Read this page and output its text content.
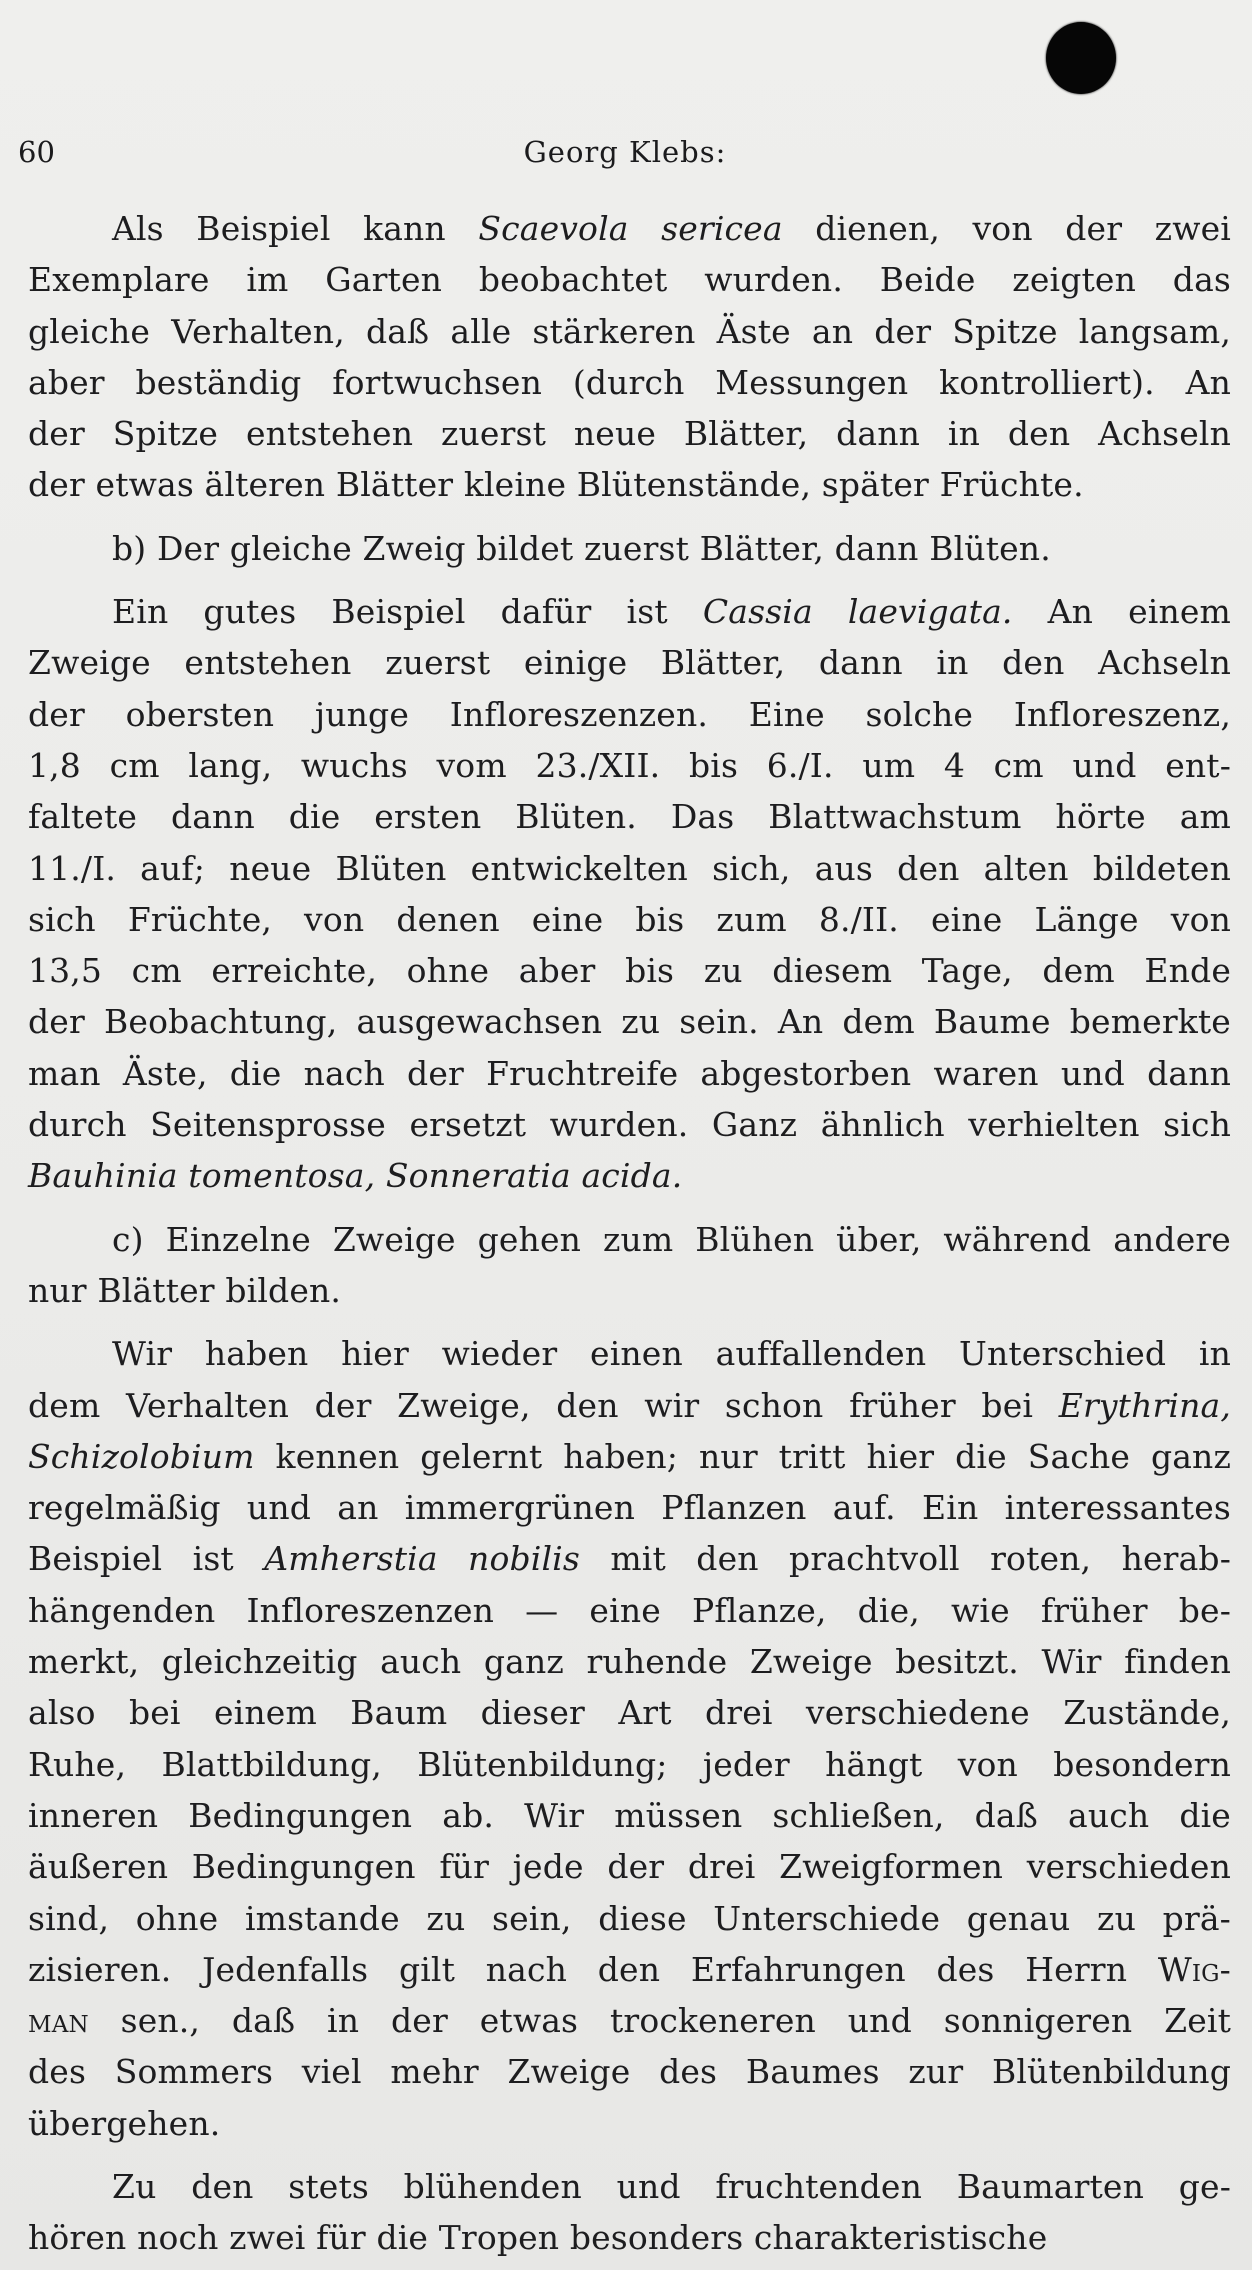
60	Georg Klebs:
Als Beispiel kann Scaevola sericea dienen, von der zwei
Exemplare im Garten beobachtet wurden. Beide zeigten das
gleiche Verhalten, daß alle stärkeren Äste an der Spitze langsam,
aber beständig fortwuchsen (durch Messungen kontrolliert). An
der Spitze entstehen zuerst neue Blätter, dann in den Achseln
der etwas älteren Blätter kleine Blütenstände, später Früchte.
b) Der gleiche Zweig bildet zuerst Blätter, dann Blüten.
Ein gutes Beispiel dafür ist Cassia laevigata. An einem
Zweige entstehen zuerst einige Blätter, dann in den Achseln
der obersten junge Infloreszenzen. Eine solche Infloreszenz,
1,8 cm lang, wuchs vom 23./XII. bis 6./I. um 4 cm und ent-
faltete dann die ersten Blüten. Das Blattwachstum hörte am
11./I. auf; neue Blüten entwickelten sich, aus den alten bildeten
sich Früchte, von denen eine bis zum 8./II. eine Länge von
13,5 cm erreichte, ohne aber bis zu diesem Tage, dem Ende
der Beobachtung, ausgewachsen zu sein. An dem Baume bemerkte
man Äste, die nach der Fruchtreife abgestorben waren und dann
durch Seitensprosse ersetzt wurden. Ganz ähnlich verhielten sich
Bauhinia tomentosa, Sonneratia acida.
c) Einzelne Zweige gehen zum Blühen über, während andere
nur Blätter bilden.
Wir haben hier wieder einen auffallenden Unterschied in
dem Verhalten der Zweige, den wir schon früher bei Erythrina,
Schizolobium kennen gelernt haben; nur tritt hier die Sache ganz
regelmäßig und an immergrünen Pflanzen auf. Ein interessantes
Beispiel ist Amherstia nobilis mit den prachtvoll roten, herab-
hängenden Infloreszenzen — eine Pflanze, die, wie früher be-
merkt, gleichzeitig auch ganz ruhende Zweige besitzt. Wir finden
also bei einem Baum dieser Art drei verschiedene Zustände,
Ruhe, Blattbildung, Blütenbildung; jeder hängt von besondern
inneren Bedingungen ab. Wir müssen schließen, daß auch die
äußeren Bedingungen für jede der drei Zweigformen verschieden
sind, ohne imstande zu sein, diese Unterschiede genau zu prä-
zisieren. Jedenfalls gilt nach den Erfahrungen des Herrn Wig-
man sen., daß in der etwas trockeneren und sonnigeren Zeit
des Sommers viel mehr Zweige des Baumes zur Blütenbildung
übergehen.
Zu den stets blühenden und fruchtenden Baumarten ge-
hören noch zwei für die Tropen besonders charakteristische
